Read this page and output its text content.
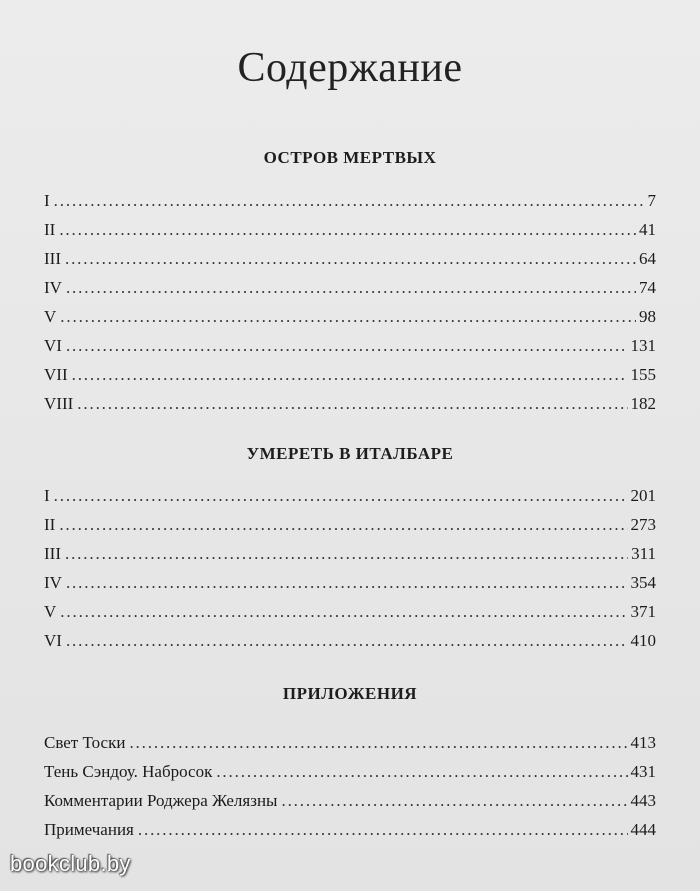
Содержание
ОСТРОВ МЕРТВЫХ
I . . .	7
II . . .	41
III . . .	64
IV . . .	74
V . . .	98
VI . . .	131
VII . . .	155
VIII . . .	182
УМЕРЕТЬ В ИТАЛБАРЕ
I . . .	201
II . . .	273
III . . .	311
IV . . .	354
V . . .	371
VI . . .	410
ПРИЛОЖЕНИЯ
Свет Тоски . . .	413
Тень Сэндоу. Набросок . . .	431
Комментарии Роджера Желязны . . .	443
Примечания . . .	444
bookclub.by
